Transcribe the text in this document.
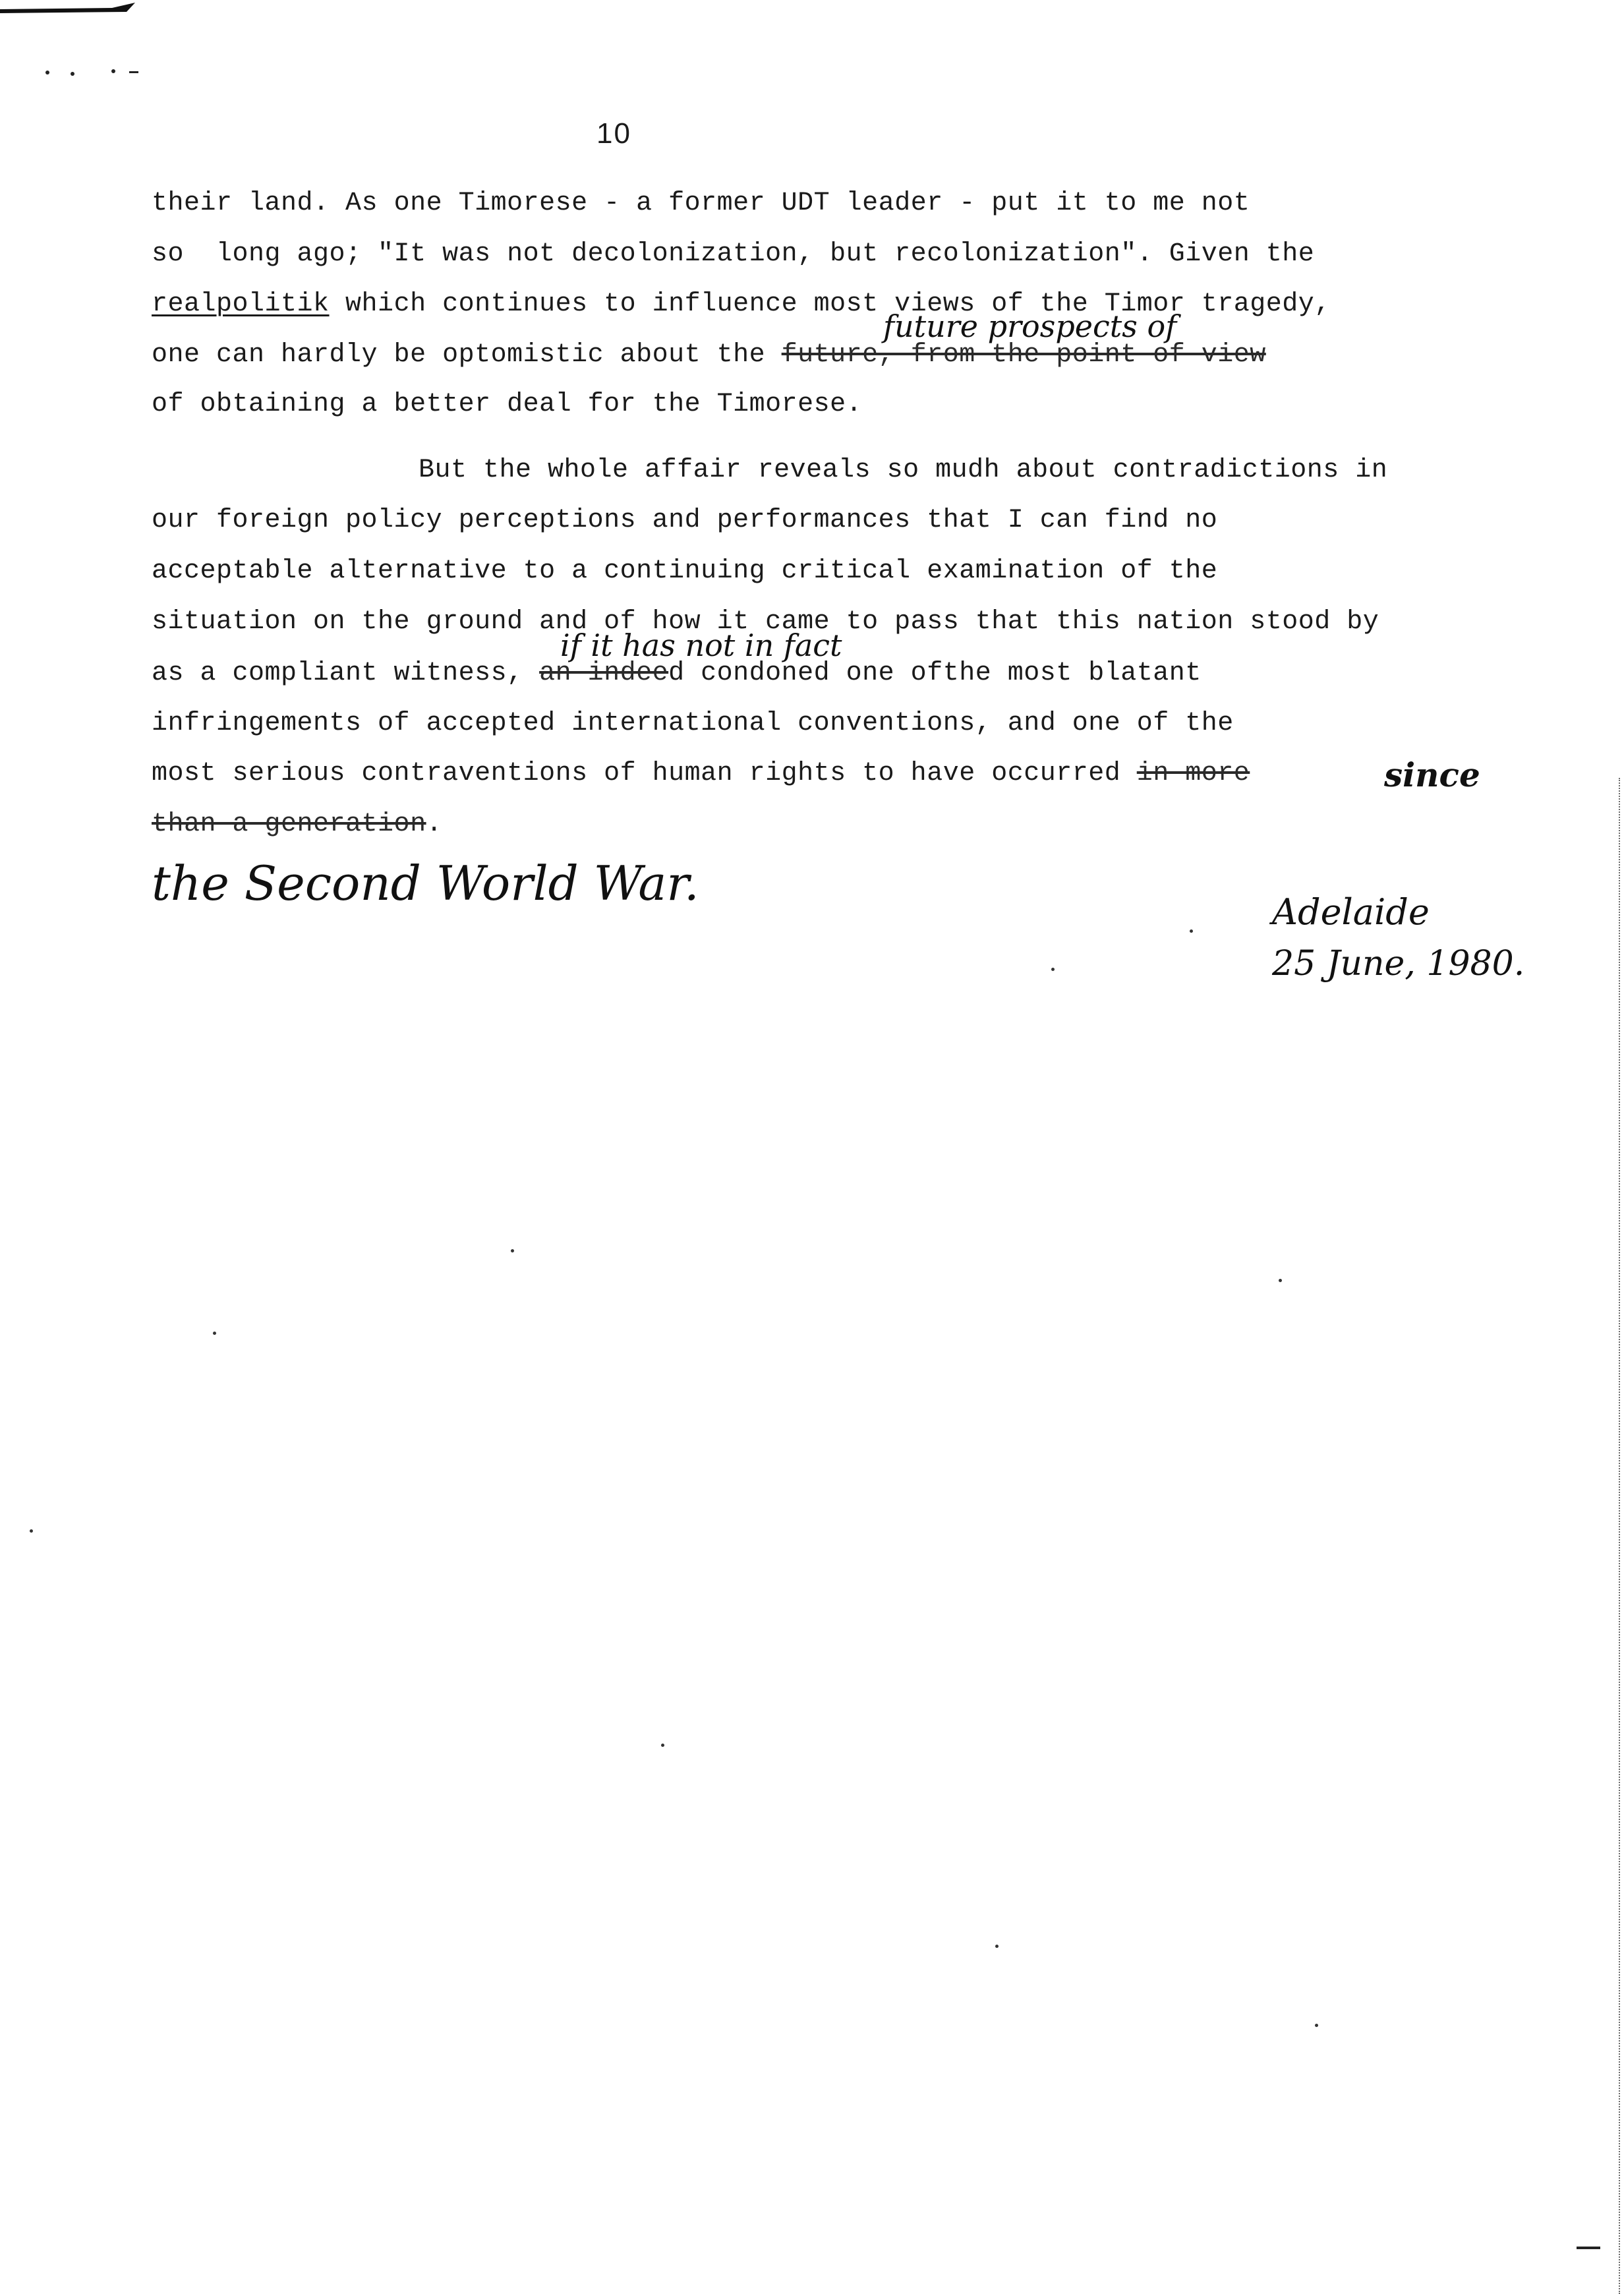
10
their land. As one Timorese - a former UDT leader - put it to me not
so  long ago; "It was not decolonization, but recolonization". Given the
realpolitik which continues to influence most views of the Timor tragedy,
future prospects of
one can hardly be optomistic about the future, from the point of view
of obtaining a better deal for the Timorese.
But the whole affair reveals so mudh about contradictions in
our foreign policy perceptions and performances that I can find no
acceptable alternative to a continuing critical examination of the
situation on the ground and of how it came to pass that this nation stood by
if it has not in fact
as a compliant witness, an indeed condoned one ofthe most blatant
infringements of accepted international conventions, and one of the
most serious contraventions of human rights to have occurred in more	since
than a generation.
the Second World War.
Adelaide
25 June, 1980.
